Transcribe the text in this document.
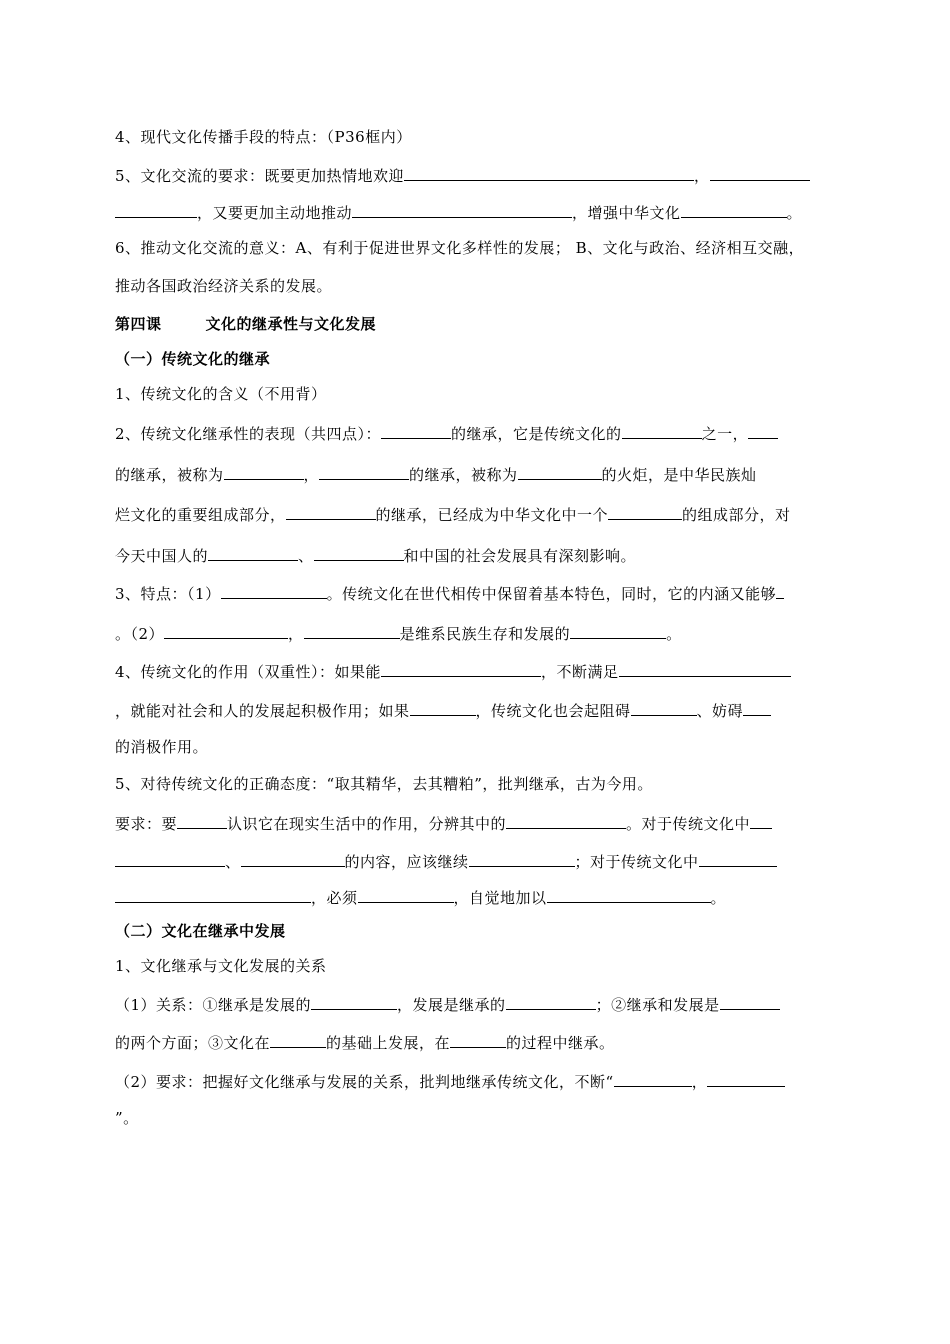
4、现代文化传播手段的特点：（P36框内）
5、文化交流的要求：既要更加热情地欢迎	，
，又要更加主动地推动	，增强中华文化	。
6、推动文化交流的意义：A、有利于促进世界文化多样性的发展； B、文化与政治、经济相互交融，
推动各国政治经济关系的发展。
第四课	文化的继承性与文化发展
（一）传统文化的继承
1、传统文化的含义（不用背）
2、传统文化继承性的表现（共四点）：	的继承，它是传统文化的	之一，
的继承，被称为	，	的继承，被称为	的火炬，是中华民族灿
烂文化的重要组成部分，	的继承，已经成为中华文化中一个	的组成部分，对
今天中国人的	、	和中国的社会发展具有深刻影响。
3、特点：（1）	。传统文化在世代相传中保留着基本特色，同时，它的内涵又能够
。（2）	，	是维系民族生存和发展的	。
4、传统文化的作用（双重性）：如果能	，不断满足
，就能对社会和人的发展起积极作用；如果	，传统文化也会起阻碍	、妨碍
的消极作用。
5、对待传统文化的正确态度：“取其精华，去其糟粕”，批判继承，古为今用。
要求：要	认识它在现实生活中的作用，分辨其中的	。对于传统文化中
、	的内容，应该继续	；对于传统文化中
，必须	，自觉地加以	。
（二）文化在继承中发展
1、文化继承与文化发展的关系
（1）关系：①继承是发展的	，发展是继承的	；②继承和发展是
的两个方面；③文化在	的基础上发展，在	的过程中继承。
（2）要求：把握好文化继承与发展的关系，批判地继承传统文化，不断“	，
”。
